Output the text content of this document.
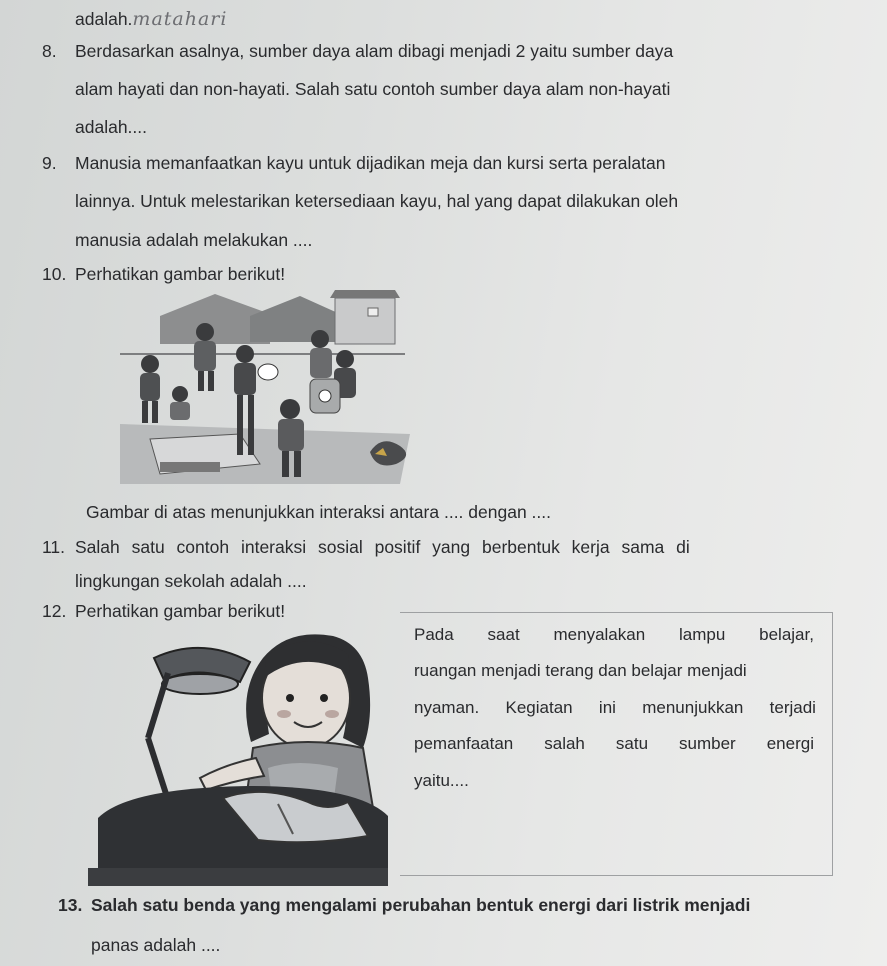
adalah.matahari
8. Berdasarkan asalnya, sumber daya alam dibagi menjadi 2 yaitu sumber daya
alam hayati dan non-hayati. Salah satu contoh sumber daya alam non-hayati
adalah....
9. Manusia memanfaatkan kayu untuk dijadikan meja dan kursi serta peralatan
lainnya. Untuk melestarikan ketersediaan kayu, hal yang dapat dilakukan oleh
manusia adalah melakukan ....
10. Perhatikan gambar berikut!
Gambar di atas menunjukkan interaksi antara .... dengan ....
11. Salah satu contoh interaksi sosial positif yang berbentuk kerja sama di
lingkungan sekolah adalah ....
12. Perhatikan gambar berikut!
Pada saat menyalakan lampu belajar,
ruangan menjadi terang dan belajar menjadi
nyaman. Kegiatan ini menunjukkan terjadi
pemanfaatan salah satu sumber energi
yaitu....
13. Salah satu benda yang mengalami perubahan bentuk energi dari listrik menjadi
panas adalah ....
